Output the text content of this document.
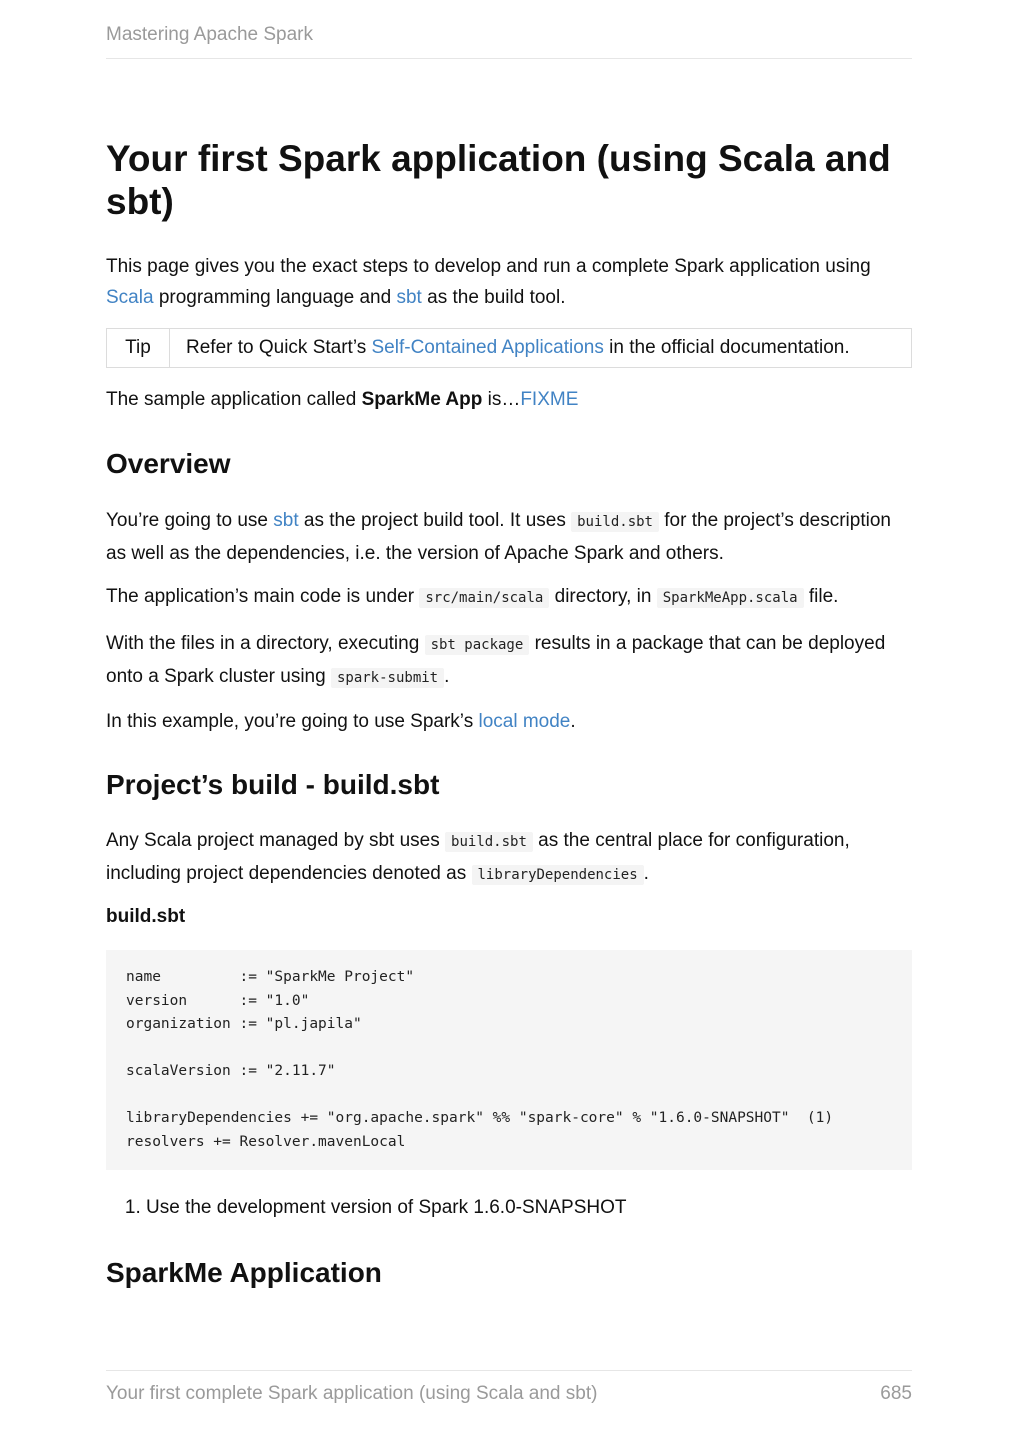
Mastering Apache Spark
Your first Spark application (using Scala and sbt)

This page gives you the exact steps to develop and run a complete Spark application using Scala programming language and sbt as the build tool.

Tip	Refer to Quick Start’s Self-Contained Applications in the official documentation.

The sample application called SparkMe App is…FIXME

Overview

You’re going to use sbt as the project build tool. It uses build.sbt for the project’s description as well as the dependencies, i.e. the version of Apache Spark and others.

The application’s main code is under src/main/scala directory, in SparkMeApp.scala file.

With the files in a directory, executing sbt package results in a package that can be deployed onto a Spark cluster using spark-submit .

In this example, you’re going to use Spark’s local mode.

Project’s build - build.sbt

Any Scala project managed by sbt uses build.sbt as the central place for configuration, including project dependencies denoted as libraryDependencies .

build.sbt
name         := "SparkMe Project"
version      := "1.0"
organization := "pl.japila"

scalaVersion := "2.11.7"

libraryDependencies += "org.apache.spark" %% "spark-core" % "1.6.0-SNAPSHOT"  (1)
resolvers += Resolver.mavenLocal
1. Use the development version of Spark 1.6.0-SNAPSHOT
SparkMe Application
Your first complete Spark application (using Scala and sbt)	685
